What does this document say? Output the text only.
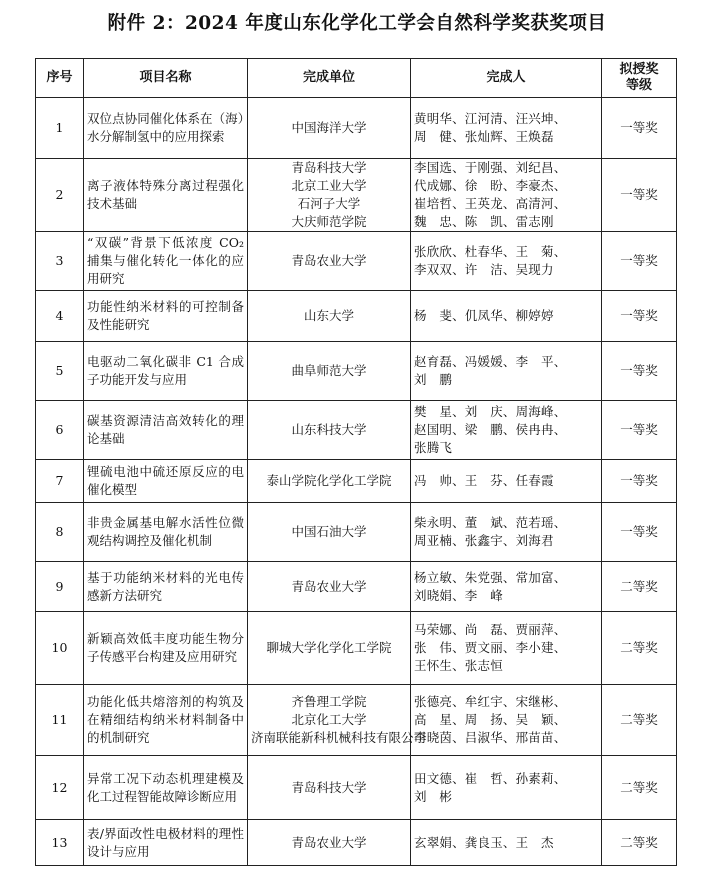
附件 2：2024 年度山东化学化工学会自然科学奖获奖项目
序号	项目名称	完成单位	完成人	拟授奖等级
1	双位点协同催化体系在（海）水分解制氢中的应用探索	中国海洋大学	黄明华、江河清、汪兴坤、
周　健、张灿辉、王焕磊	一等奖
2	离子液体特殊分离过程强化技术基础	青岛科技大学
北京工业大学
石河子大学
大庆师范学院	李国选、于刚强、刘纪昌、
代成娜、徐　盼、李豪杰、
崔培哲、王英龙、高清河、
魏　忠、陈　凯、雷志刚	一等奖
3	“双碳”背景下低浓度 CO₂ 捕集与催化转化一体化的应用研究	青岛农业大学	张欣欣、杜春华、王　菊、
李双双、许　洁、吴现力	一等奖
4	功能性纳米材料的可控制备及性能研究	山东大学	杨　斐、仉凤华、柳婷婷	一等奖
5	电驱动二氧化碳非 C1 合成子功能开发与应用	曲阜师范大学	赵育磊、冯媛媛、李　平、
刘　鹏	一等奖
6	碳基资源清洁高效转化的理论基础	山东科技大学	樊　星、刘　庆、周海峰、
赵国明、梁　鹏、侯冉冉、
张腾飞	一等奖
7	锂硫电池中硫还原反应的电催化模型	泰山学院化学化工学院	冯　帅、王　芬、任春霞	一等奖
8	非贵金属基电解水活性位微观结构调控及催化机制	中国石油大学	柴永明、董　斌、范若瑶、
周亚楠、张鑫宇、刘海君	一等奖
9	基于功能纳米材料的光电传感新方法研究	青岛农业大学	杨立敏、朱党强、常加富、
刘晓娟、李　峰	二等奖
10	新颖高效低丰度功能生物分子传感平台构建及应用研究	聊城大学化学化工学院	马荣娜、尚　磊、贾丽萍、
张　伟、贾文丽、李小建、
王怀生、张志恒	二等奖
11	功能化低共熔溶剂的构筑及在精细结构纳米材料制备中的机制研究	齐鲁理工学院
北京化工大学
济南联能新科机械科技有限公司	张德亮、牟红宇、宋继彬、
高　星、周　扬、吴　颖、
李晓茵、吕淑华、邢苗苗、	二等奖
12	异常工况下动态机理建模及化工过程智能故障诊断应用	青岛科技大学	田文德、崔　哲、孙素莉、
刘　彬	二等奖
13	表/界面改性电极材料的理性设计与应用	青岛农业大学	玄翠娟、龚良玉、王　杰	二等奖
